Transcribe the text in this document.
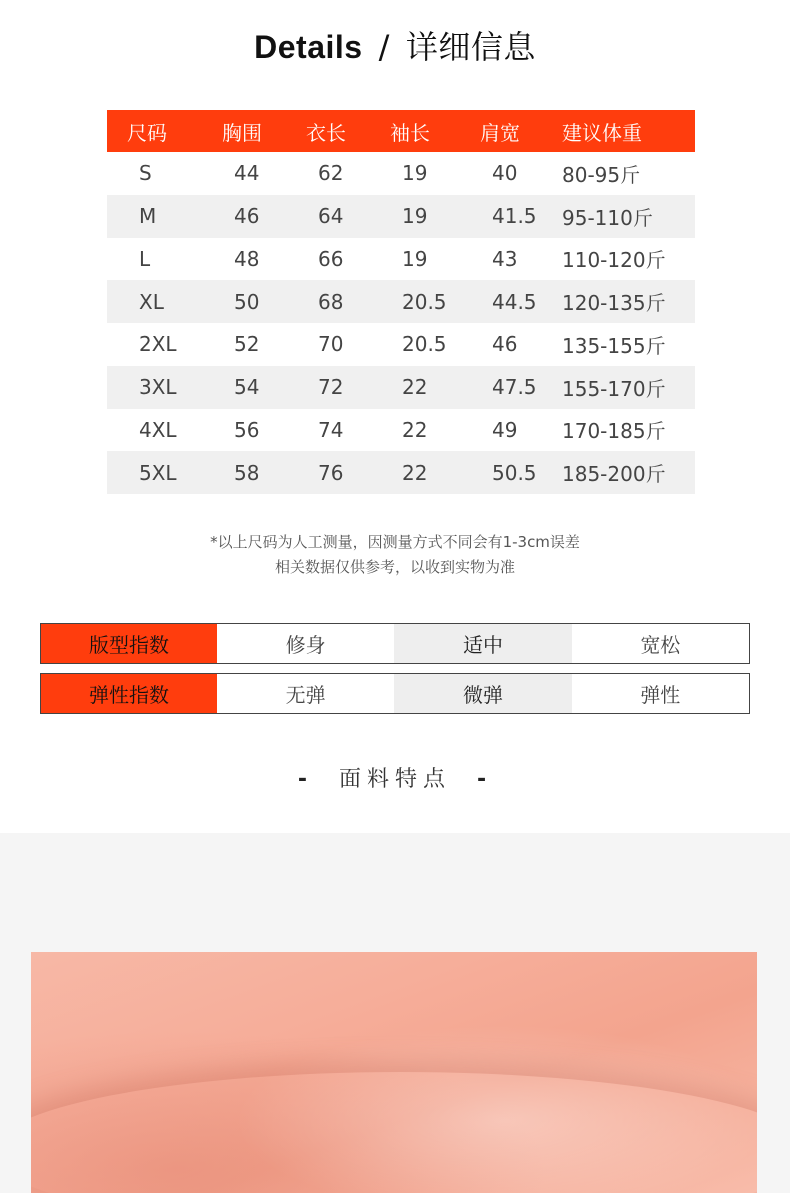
Details / 详细信息
尺码	胸围	衣长	袖长	肩宽	建议体重
S	44	62	19	40	80-95斤
M	46	64	19	41.5	95-110斤
L	48	66	19	43	110-120斤
XL	50	68	20.5	44.5	120-135斤
2XL	52	70	20.5	46	135-155斤
3XL	54	72	22	47.5	155-170斤
4XL	56	74	22	49	170-185斤
5XL	58	76	22	50.5	185-200斤
*以上尺码为人工测量，因测量方式不同会有1-3cm误差
相关数据仅供参考，以收到实物为准
版型指数	修身	适中	宽松
弹性指数	无弹	微弹	弹性
- 面料特点 -
